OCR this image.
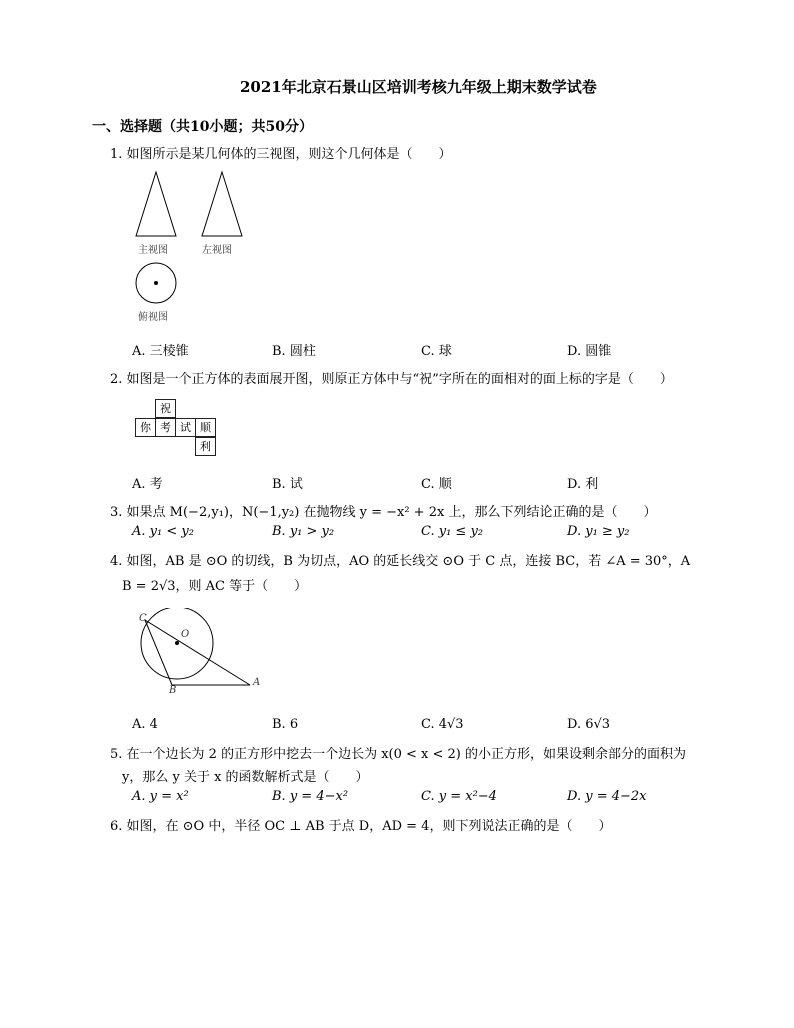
2021年北京石景山区培训考核九年级上期末数学试卷
一、选择题（共10小题；共50分）
1. 如图所示是某几何体的三视图，则这个几何体是（　　）
主视图	左视图
俯视图
A. 三棱锥	B. 圆柱	C. 球	D. 圆锥
2. 如图是一个正方体的表面展开图，则原正方体中与“祝”字所在的面相对的面上标的字是（　　）
祝
你 考 试 顺
利
A. 考	B. 试	C. 顺	D. 利
3. 如果点 M(−2,y₁)，N(−1,y₂) 在抛物线 y = −x² + 2x 上，那么下列结论正确的是（　　）
A. y₁ < y₂	B. y₁ > y₂	C. y₁ ≤ y₂	D. y₁ ≥ y₂
4. 如图，AB 是 ⊙O 的切线，B 为切点，AO 的延长线交 ⊙O 于 C 点，连接 BC，若 ∠A = 30°，A
B = 2√3，则 AC 等于（　　）
C
O
B
A
A. 4	B. 6	C. 4√3	D. 6√3
5. 在一个边长为 2 的正方形中挖去一个边长为 x(0 < x < 2) 的小正方形，如果设剩余部分的面积为
y，那么 y 关于 x 的函数解析式是（　　）
A. y = x²	B. y = 4−x²	C. y = x²−4	D. y = 4−2x
6. 如图，在 ⊙O 中，半径 OC ⊥ AB 于点 D，AD = 4，则下列说法正确的是（　　）
